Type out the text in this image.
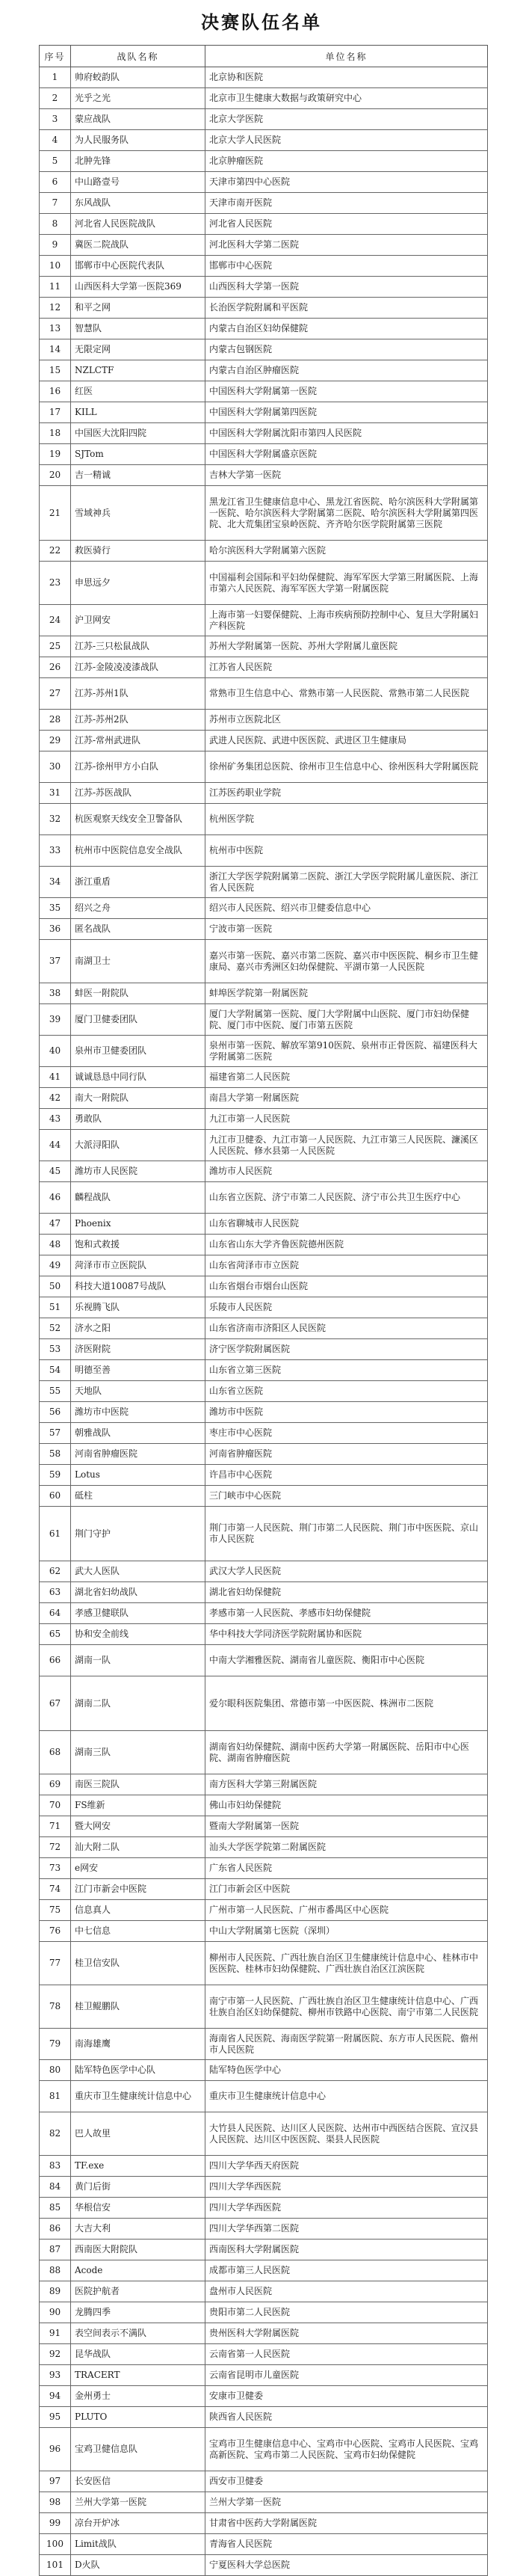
决赛队伍名单
序号	战队名称	单位名称
1	帅府蛟韵队	北京协和医院
2	光乎之光	北京市卫生健康大数据与政策研究中心
3	蒙应战队	北京大学医院
4	为人民服务队	北京大学人民医院
5	北肿先锋	北京肿瘤医院
6	中山路壹号	天津市第四中心医院
7	东风战队	天津市南开医院
8	河北省人民医院战队	河北省人民医院
9	冀医二院战队	河北医科大学第二医院
10	邯郸市中心医院代表队	邯郸市中心医院
11	山西医科大学第一医院369	山西医科大学第一医院
12	和平之网	长治医学院附属和平医院
13	智慧队	内蒙古自治区妇幼保健院
14	无限定网	内蒙古包钢医院
15	NZLCTF	内蒙古自治区肿瘤医院
16	红医	中国医科大学附属第一医院
17	KILL	中国医科大学附属第四医院
18	中国医大沈阳四院	中国医科大学附属沈阳市第四人民医院
19	SJTom	中国医科大学附属盛京医院
20	吉一精诚	吉林大学第一医院
21	雪域神兵	黑龙江省卫生健康信息中心、黑龙江省医院、哈尔滨医科大学附属第一医院、哈尔滨医科大学附属第二医院、哈尔滨医科大学附属第四医院、北大荒集团宝泉岭医院、齐齐哈尔医学院附属第三医院
22	救医骑行	哈尔滨医科大学附属第六医院
23	申思远夕	中国福利会国际和平妇幼保健院、海军军医大学第三附属医院、上海市第六人民医院、海军军医大学第一附属医院
24	沪卫网安	上海市第一妇婴保健院、上海市疾病预防控制中心、复旦大学附属妇产科医院
25	江苏-三只松鼠战队	苏州大学附属第一医院、苏州大学附属儿童医院
26	江苏-金陵凌凌漆战队	江苏省人民医院
27	江苏-苏州1队	常熟市卫生信息中心、常熟市第一人民医院、常熟市第二人民医院
28	江苏-苏州2队	苏州市立医院北区
29	江苏-常州武进队	武进人民医院、武进中医医院、武进区卫生健康局
30	江苏-徐州甲方小白队	徐州矿务集团总医院、徐州市卫生信息中心、徐州医科大学附属医院
31	江苏-苏医战队	江苏医药职业学院
32	杭医观察天线安全卫警备队	杭州医学院
33	杭州市中医院信息安全战队	杭州市中医院
34	浙江重盾	浙江大学医学院附属第二医院、浙江大学医学院附属儿童医院、浙江省人民医院
35	绍兴之舟	绍兴市人民医院、绍兴市卫健委信息中心
36	匿名战队	宁波市第一医院
37	南湖卫士	嘉兴市第一医院、嘉兴市第二医院、嘉兴市中医医院、桐乡市卫生健康局、嘉兴市秀洲区妇幼保健院、平湖市第一人民医院
38	蚌医一附院队	蚌埠医学院第一附属医院
39	厦门卫健委团队	厦门大学附属第一医院、厦门大学附属中山医院、厦门市妇幼保健院、厦门市中医院、厦门市第五医院
40	泉州市卫健委团队	泉州市第一医院、解放军第910医院、泉州市正骨医院、福建医科大学附属第二医院
41	诚诚恳恳中同行队	福建省第二人民医院
42	南大一附院队	南昌大学第一附属医院
43	勇敢队	九江市第一人民医院
44	大派浔阳队	九江市卫健委、九江市第一人民医院、九江市第三人民医院、濂溪区人民医院、修水县第一人民医院
45	潍坊市人民医院	潍坊市人民医院
46	麟程战队	山东省立医院、济宁市第二人民医院、济宁市公共卫生医疗中心
47	Phoenix	山东省聊城市人民医院
48	饱和式救援	山东省山东大学齐鲁医院德州医院
49	菏泽市市立医院队	山东省菏泽市市立医院
50	科技大道10087号战队	山东省烟台市烟台山医院
51	乐视腾飞队	乐陵市人民医院
52	济水之阳	山东省济南市济阳区人民医院
53	济医附院	济宁医学院附属医院
54	明德至善	山东省立第三医院
55	天地队	山东省立医院
56	潍坊市中医院	潍坊市中医院
57	朝雅战队	枣庄市中心医院
58	河南省肿瘤医院	河南省肿瘤医院
59	Lotus	许昌市中心医院
60	砥柱	三门峡市中心医院
61	荆门守护	荆门市第一人民医院、荆门市第二人民医院、荆门市中医医院、京山市人民医院
62	武大人医队	武汉大学人民医院
63	湖北省妇幼战队	湖北省妇幼保健院
64	孝感卫健联队	孝感市第一人民医院、孝感市妇幼保健院
65	协和安全前线	华中科技大学同济医学院附属协和医院
66	湖南一队	中南大学湘雅医院、湖南省儿童医院、衡阳市中心医院
67	湖南二队	爱尔眼科医院集团、常德市第一中医医院、株洲市二医院
68	湖南三队	湖南省妇幼保健院、湖南中医药大学第一附属医院、岳阳市中心医院、湖南省肿瘤医院
69	南医三院队	南方医科大学第三附属医院
70	FS维新	佛山市妇幼保健院
71	暨大网安	暨南大学附属第一医院
72	汕大附二队	汕头大学医学院第二附属医院
73	e网安	广东省人民医院
74	江门市新会中医院	江门市新会区中医院
75	信息真人	广州市第一人民医院、广州市番禺区中心医院
76	中七信息	中山大学附属第七医院（深圳）
77	桂卫信安队	柳州市人民医院、广西壮族自治区卫生健康统计信息中心、桂林市中医医院、桂林市妇幼保健院、广西壮族自治区江滨医院
78	桂卫鲲鹏队	南宁市第一人民医院、广西壮族自治区卫生健康统计信息中心、广西壮族自治区妇幼保健院、柳州市铁路中心医院、南宁市第二人民医院
79	南海雄鹰	海南省人民医院、海南医学院第一附属医院、东方市人民医院、儋州市人民医院
80	陆军特色医学中心队	陆军特色医学中心
81	重庆市卫生健康统计信息中心	重庆市卫生健康统计信息中心
82	巴人故里	大竹县人民医院、达川区人民医院、达州市中西医结合医院、宣汉县人民医院、达川区中医医院、渠县人民医院
83	TF.exe	四川大学华西天府医院
84	黄门后街	四川大学华西医院
85	华根信安	四川大学华西医院
86	大吉大利	四川大学华西第二医院
87	西南医大附院队	西南医科大学附属医院
88	Acode	成都市第三人民医院
89	医院护航者	盘州市人民医院
90	龙腾四季	贵阳市第二人民医院
91	表空间表示不满队	贵州医科大学附属医院
92	昆华战队	云南省第一人民医院
93	TRACERT	云南省昆明市儿童医院
94	金州勇士	安康市卫健委
95	PLUTO	陕西省人民医院
96	宝鸡卫健信息队	宝鸡市卫生健康信息中心、宝鸡市中心医院、宝鸡市人民医院、宝鸡高新医院、宝鸡市第二人民医院、宝鸡市妇幼保健院
97	长安医信	西安市卫健委
98	兰州大学第一医院	兰州大学第一医院
99	凉台开炉冰	甘肃省中医药大学附属医院
100	Limit战队	青海省人民医院
101	D火队	宁夏医科大学总医院
